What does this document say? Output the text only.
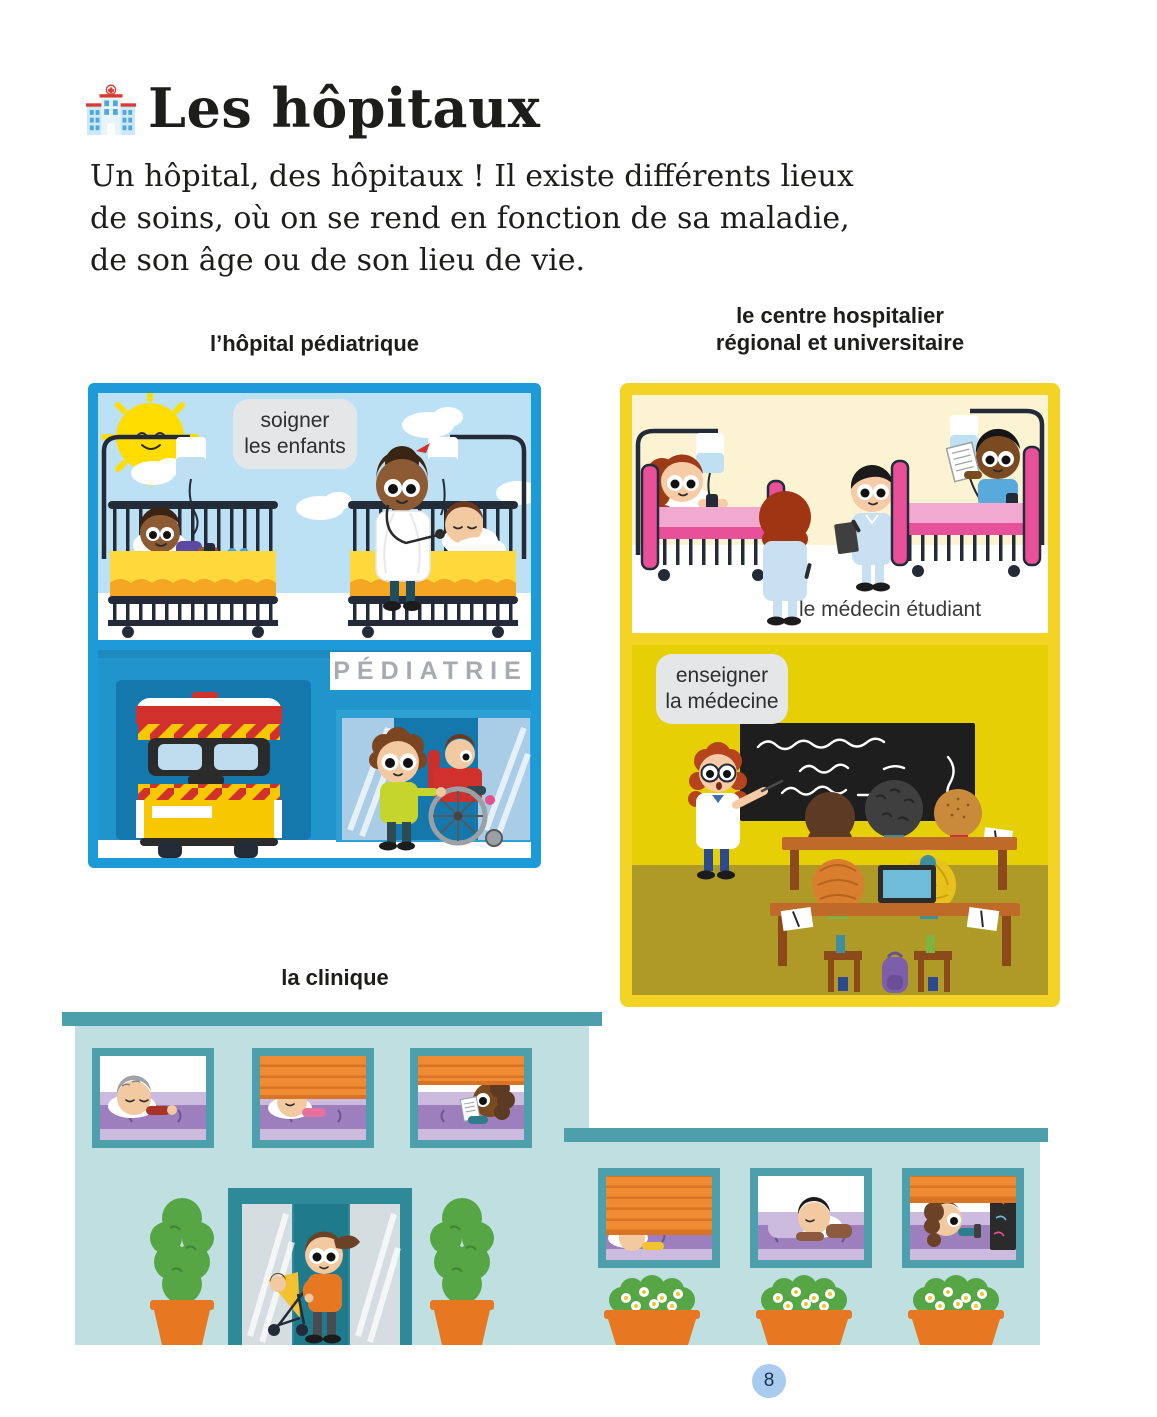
Les hôpitaux
Un hôpital, des hôpitaux ! Il existe différents lieux
de soins, où on se rend en fonction de sa maladie,
de son âge ou de son lieu de vie.
l’hôpital pédiatrique
le centre hospitalier
régional et universitaire
la clinique
soigner
les enfants
PÉDIATRIE
le médecin étudiant
enseigner
la médecine
8
